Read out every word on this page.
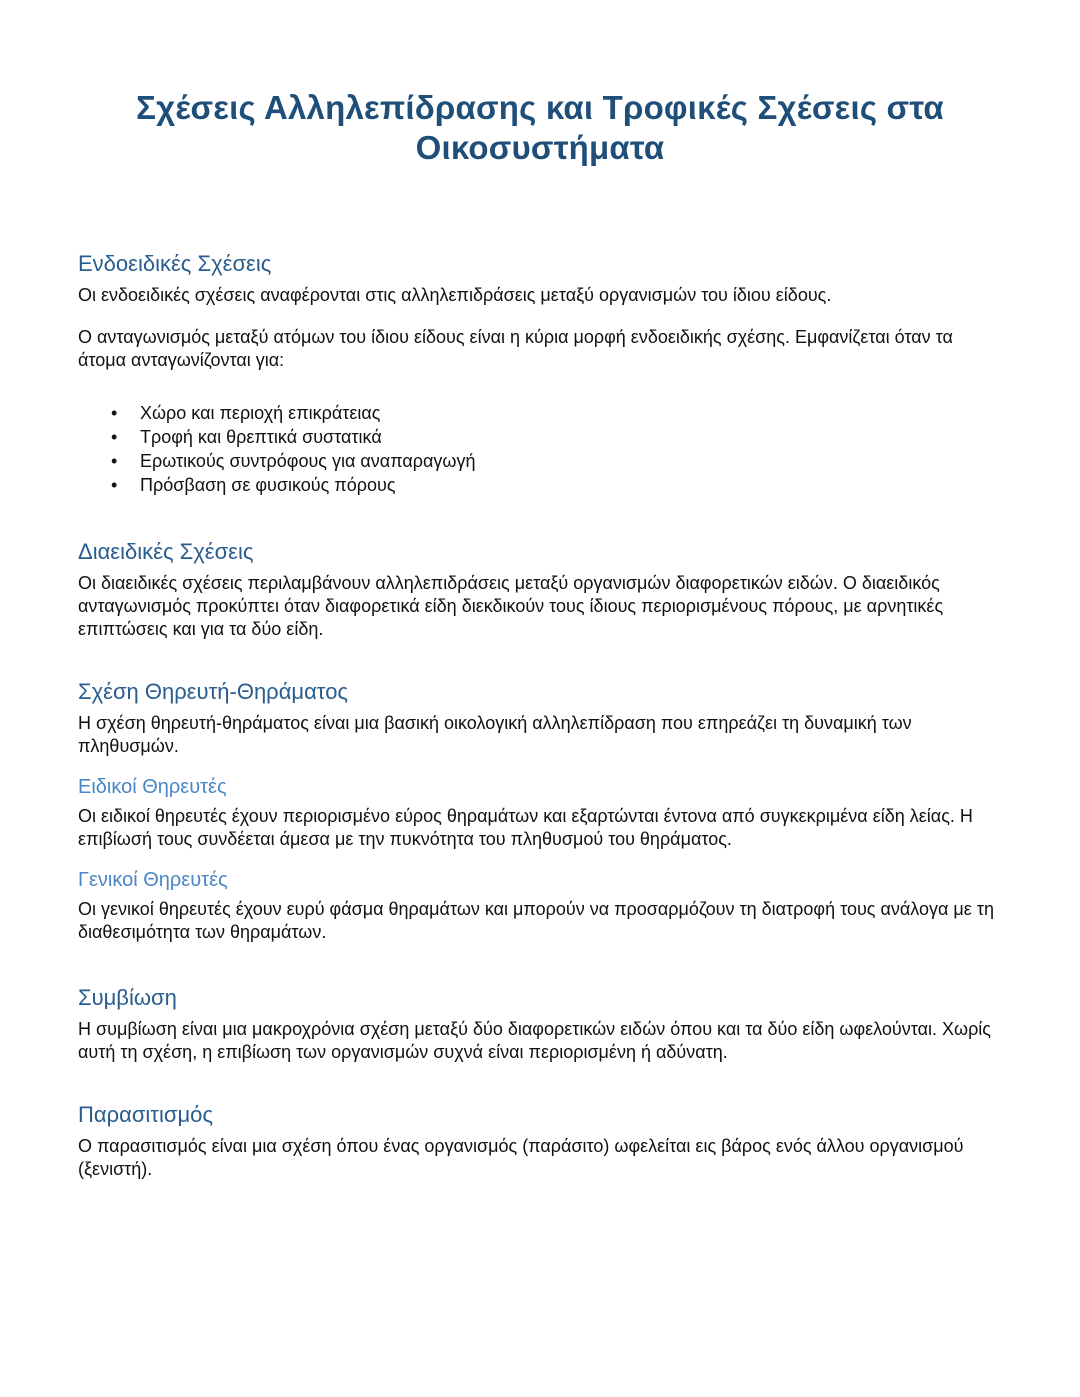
Σχέσεις Αλληλεπίδρασης και Τροφικές Σχέσεις στα Οικοσυστήματα
Ενδοειδικές Σχέσεις

Οι ενδοειδικές σχέσεις αναφέρονται στις αλληλεπιδράσεις μεταξύ οργανισμών του ίδιου είδους.

Ο ανταγωνισμός μεταξύ ατόμων του ίδιου είδους είναι η κύρια μορφή ενδοειδικής σχέσης. Εμφανίζεται όταν τα άτομα ανταγωνίζονται για:

• Χώρο και περιοχή επικράτειας
• Τροφή και θρεπτικά συστατικά
• Ερωτικούς συντρόφους για αναπαραγωγή
• Πρόσβαση σε φυσικούς πόρους
Διαειδικές Σχέσεις

Οι διαειδικές σχέσεις περιλαμβάνουν αλληλεπιδράσεις μεταξύ οργανισμών διαφορετικών ειδών. Ο διαειδικός ανταγωνισμός προκύπτει όταν διαφορετικά είδη διεκδικούν τους ίδιους περιορισμένους πόρους, με αρνητικές επιπτώσεις και για τα δύο είδη.

Σχέση Θηρευτή-Θηράματος

Η σχέση θηρευτή-θηράματος είναι μια βασική οικολογική αλληλεπίδραση που επηρεάζει τη δυναμική των πληθυσμών.

Ειδικοί Θηρευτές

Οι ειδικοί θηρευτές έχουν περιορισμένο εύρος θηραμάτων και εξαρτώνται έντονα από συγκεκριμένα είδη λείας. Η επιβίωσή τους συνδέεται άμεσα με την πυκνότητα του πληθυσμού του θηράματος.

Γενικοί Θηρευτές

Οι γενικοί θηρευτές έχουν ευρύ φάσμα θηραμάτων και μπορούν να προσαρμόζουν τη διατροφή τους ανάλογα με τη διαθεσιμότητα των θηραμάτων.

Συμβίωση

Η συμβίωση είναι μια μακροχρόνια σχέση μεταξύ δύο διαφορετικών ειδών όπου και τα δύο είδη ωφελούνται. Χωρίς αυτή τη σχέση, η επιβίωση των οργανισμών συχνά είναι περιορισμένη ή αδύνατη.

Παρασιτισμός

Ο παρασιτισμός είναι μια σχέση όπου ένας οργανισμός (παράσιτο) ωφελείται εις βάρος ενός άλλου οργανισμού (ξενιστή).
